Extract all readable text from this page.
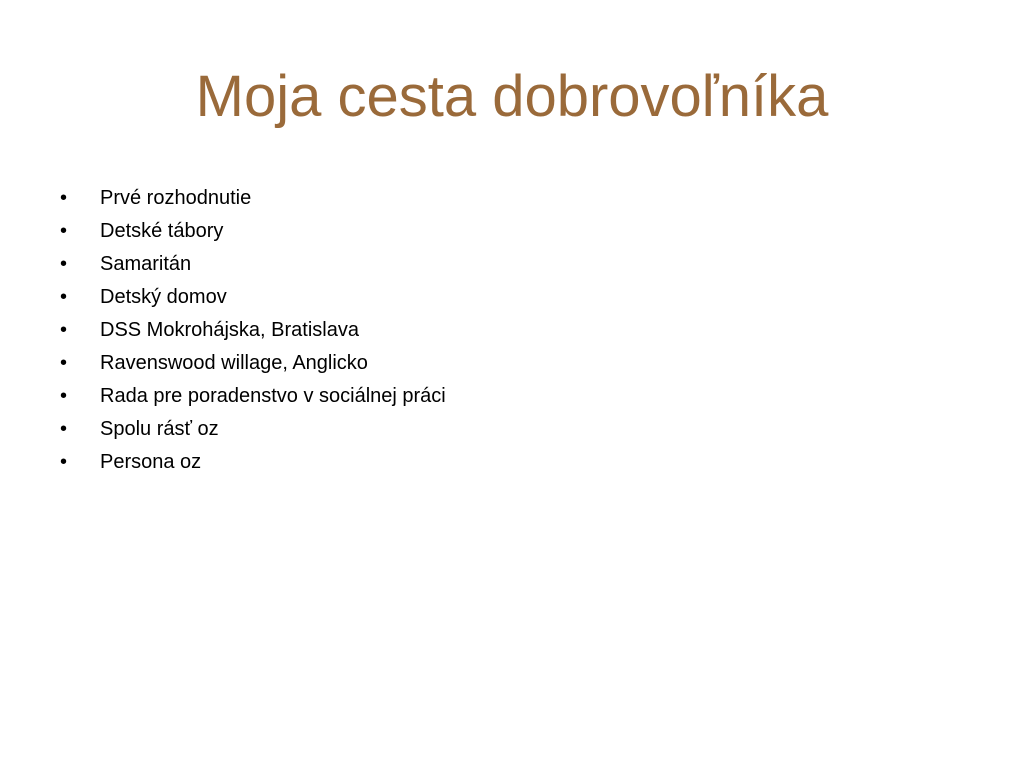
Moja cesta dobrovoľníka
•	Prvé rozhodnutie
•	Detské tábory
•	Samaritán
•	Detský domov
•	DSS Mokrohájska, Bratislava
•	Ravenswood willage, Anglicko
•	Rada pre poradenstvo v sociálnej práci
•	Spolu rásť oz
•	Persona oz
